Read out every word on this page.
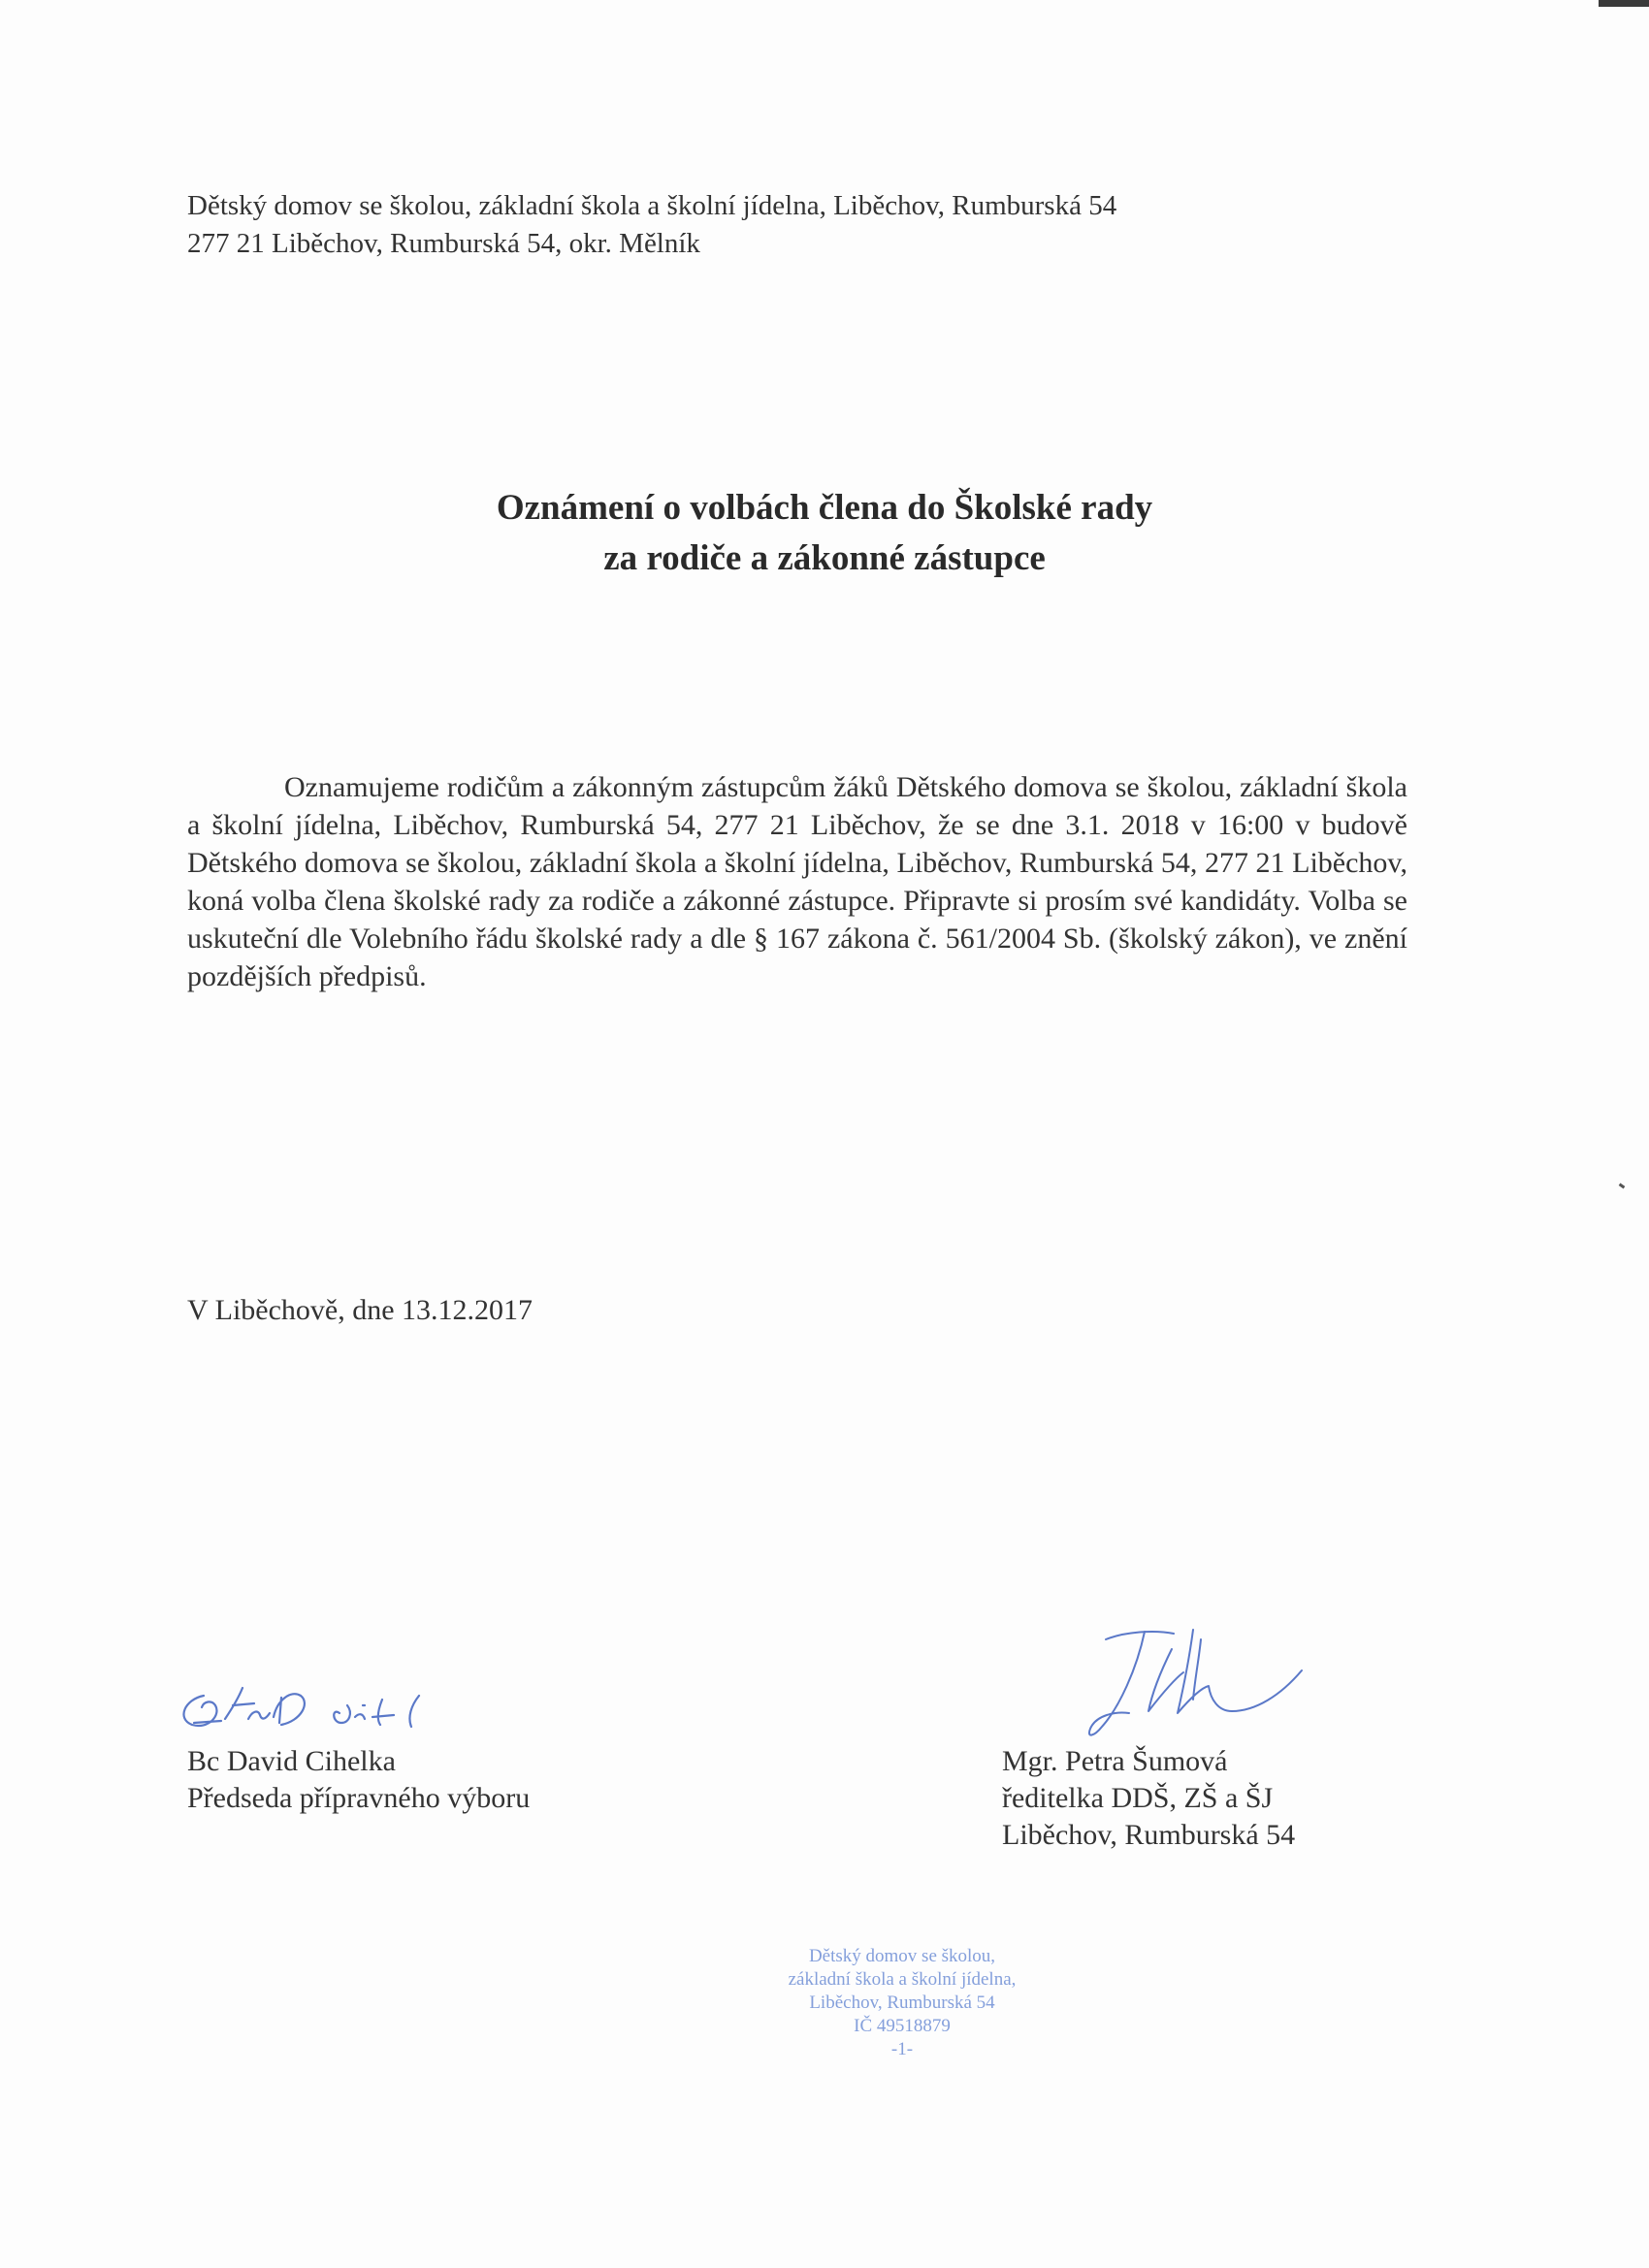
Dětský domov se školou, základní škola a školní jídelna, Liběchov, Rumburská 54
277 21 Liběchov, Rumburská 54, okr. Mělník
Oznámení o volbách člena do Školské rady
za rodiče a zákonné zástupce
Oznamujeme rodičům a zákonným zástupcům žáků Dětského domova se školou, základní škola a školní jídelna, Liběchov, Rumburská 54, 277 21 Liběchov, že se dne 3.1. 2018 v 16:00 v budově Dětského domova se školou, základní škola a školní jídelna, Liběchov, Rumburská 54, 277 21 Liběchov, koná volba člena školské rady za rodiče a zákonné zástupce. Připravte si prosím své kandidáty. Volba se uskuteční dle Volebního řádu školské rady a dle § 167 zákona č. 561/2004 Sb. (školský zákon), ve znění pozdějších předpisů.
V Liběchově, dne 13.12.2017
Bc David Cihelka
Předseda přípravného výboru
Mgr. Petra Šumová
ředitelka DDŠ, ZŠ a ŠJ
Liběchov, Rumburská 54
Dětský domov se školou,
základní škola a školní jídelna,
Liběchov, Rumburská 54
IČ 49518879
-1-
